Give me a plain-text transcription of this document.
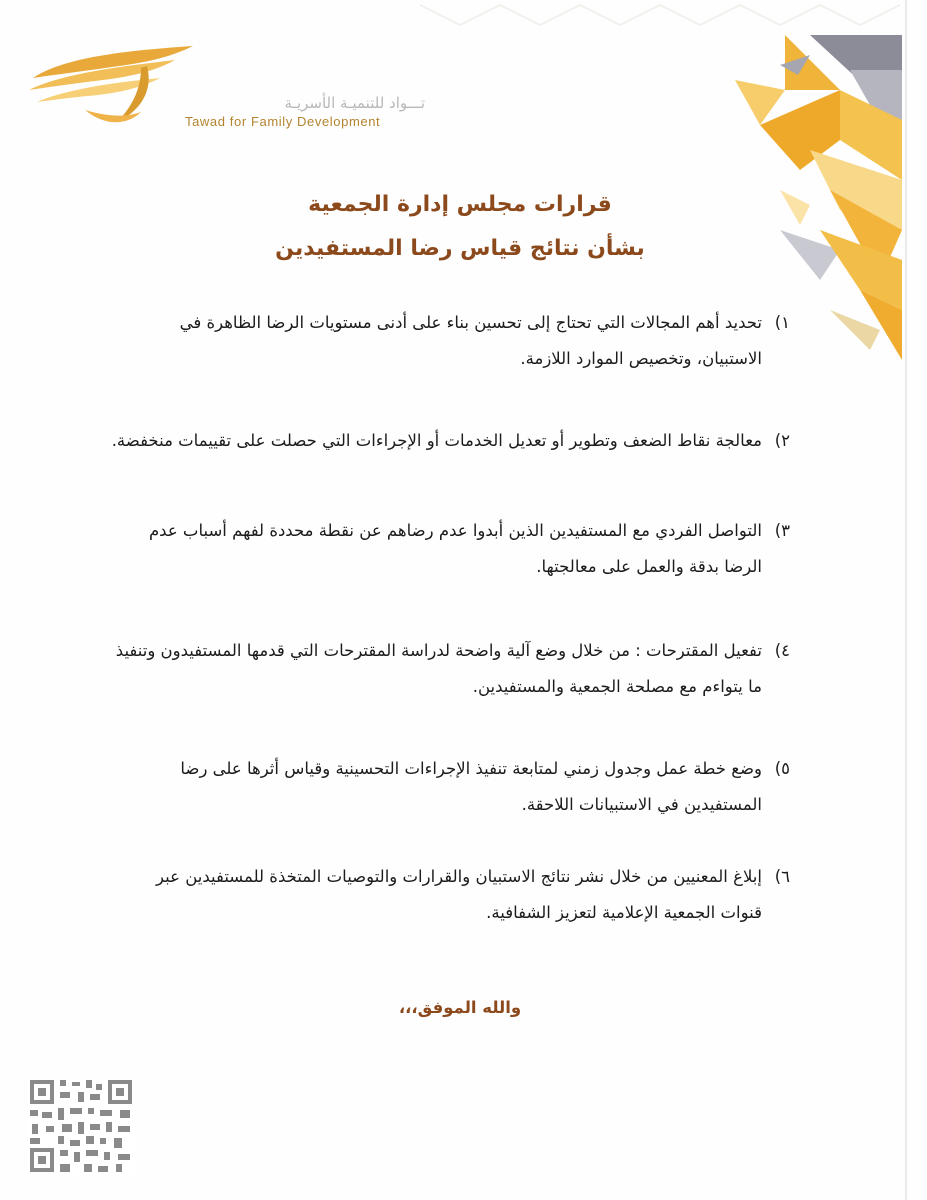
تـــواد للتنميـة الأسريـة
Tawad for Family Development
قرارات مجلس إدارة الجمعية
بشأن نتائج قياس رضا المستفيدين
١)
تحديد أهم المجالات التي تحتاج إلى تحسين بناء على أدنى مستويات الرضا الظاهرة في الاستبيان، وتخصيص الموارد اللازمة.
٢)
معالجة نقاط الضعف وتطوير أو تعديل الخدمات أو الإجراءات التي حصلت على تقييمات منخفضة.
٣)
التواصل الفردي مع المستفيدين الذين أبدوا عدم رضاهم عن نقطة محددة لفهم أسباب عدم الرضا بدقة والعمل على معالجتها.
٤)
تفعيل المقترحات : من خلال وضع آلية واضحة لدراسة المقترحات التي قدمها المستفيدون وتنفيذ ما يتواءم مع مصلحة الجمعية والمستفيدين.
٥)
وضع خطة عمل وجدول زمني لمتابعة تنفيذ الإجراءات التحسينية وقياس أثرها على رضا المستفيدين في الاستبيانات اللاحقة.
٦)
إبلاغ المعنيين من خلال نشر نتائج الاستبيان والقرارات والتوصيات المتخذة للمستفيدين عبر قنوات الجمعية الإعلامية لتعزيز الشفافية.
والله الموفق،،،
